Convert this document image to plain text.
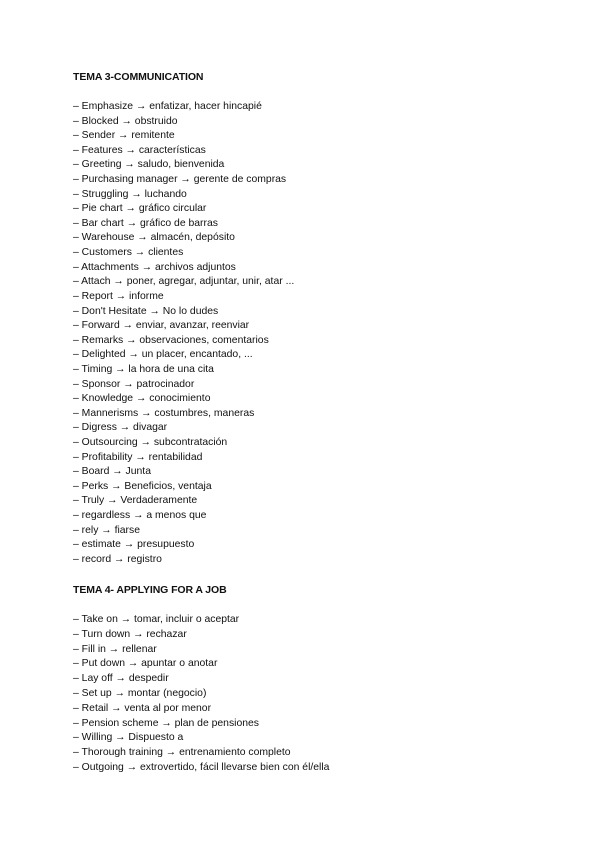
TEMA 3-COMMUNICATION
– Emphasize → enfatizar, hacer hincapié
– Blocked → obstruido
– Sender → remitente
– Features → características
– Greeting → saludo, bienvenida
– Purchasing manager → gerente de compras
– Struggling → luchando
– Pie chart → gráfico circular
– Bar chart → gráfico de barras
– Warehouse → almacén, depósito
– Customers → clientes
– Attachments → archivos adjuntos
– Attach → poner, agregar, adjuntar, unir, atar ...
– Report → informe
– Don't Hesitate → No lo dudes
– Forward → enviar, avanzar, reenviar
– Remarks → observaciones, comentarios
– Delighted → un placer, encantado, ...
– Timing → la hora de una cita
– Sponsor → patrocinador
– Knowledge → conocimiento
– Mannerisms → costumbres, maneras
– Digress → divagar
– Outsourcing → subcontratación
– Profitability → rentabilidad
– Board → Junta
– Perks → Beneficios, ventaja
– Truly → Verdaderamente
– regardless → a menos que
– rely → fiarse
– estimate → presupuesto
– record → registro
TEMA 4- APPLYING FOR A JOB
– Take on → tomar, incluir o aceptar
– Turn down → rechazar
– Fill in → rellenar
– Put down → apuntar o anotar
– Lay off → despedir
– Set up → montar (negocio)
– Retail → venta al por menor
– Pension scheme → plan de pensiones
– Willing → Dispuesto a
– Thorough training → entrenamiento completo
– Outgoing → extrovertido, fácil llevarse bien con él/ella
